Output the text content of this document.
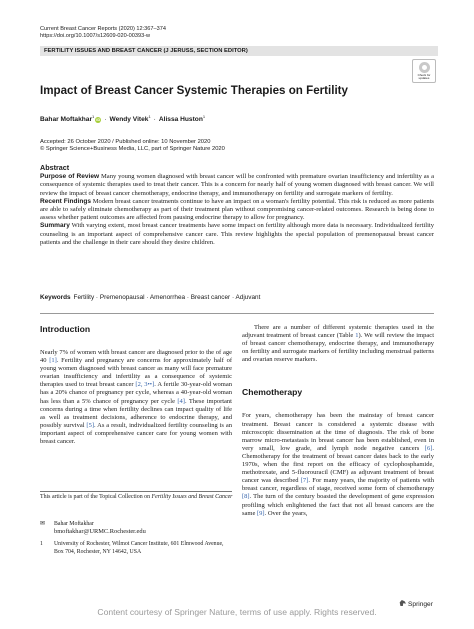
Current Breast Cancer Reports (2020) 12:367–374
https://doi.org/10.1007/s12609-020-00393-w
FERTILITY ISSUES AND BREAST CANCER (J JERUSS, SECTION EDITOR)
Check for
updates
Impact of Breast Cancer Systemic Therapies on Fertility
Bahar Moftakhar$^1$iD · Wendy Vitek$^1$ · Alissa Huston$^1$
Accepted: 26 October 2020 / Published online: 10 November 2020
© Springer Science+Business Media, LLC, part of Springer Nature 2020
Abstract

Purpose of Review Many young women diagnosed with breast cancer will be confronted with premature ovarian insufficiency and infertility as a consequence of systemic therapies used to treat their cancer. This is a concern for nearly half of young women diagnosed with breast cancer. We will review the impact of breast cancer chemotherapy, endocrine therapy, and immunotherapy on fertility and surrogate markers of fertility.

Recent Findings Modern breast cancer treatments continue to have an impact on a woman's fertility potential. This risk is reduced as more patients are able to safely eliminate chemotherapy as part of their treatment plan without compromising cancer-related outcomes. Research is being done to assess whether patient outcomes are affected from pausing endocrine therapy to allow for pregnancy.

Summary With varying extent, most breast cancer treatments have some impact on fertility although more data is necessary. Individualized fertility counseling is an important aspect of comprehensive cancer care. This review highlights the special population of premenopausal breast cancer patients and the challenge in their care should they desire children.

Keywords Fertility · Premenopausal · Amenorrhea · Breast cancer · Adjuvant
Introduction

Nearly 7% of women with breast cancer are diagnosed prior to the of age 40 [1]. Fertility and pregnancy are concerns for approximately half of young women diagnosed with breast cancer as many will face premature ovarian insufficiency and infertility as a consequence of systemic therapies used to treat breast cancer [2, 3••]. A fertile 30-year-old woman has a 20% chance of pregnancy per cycle, whereas a 40-year-old woman has less than a 5% chance of pregnancy per cycle [4]. These important concerns during a time when fertility declines can impact quality of life as well as treatment decisions, adherence to endocrine therapy, and possibly survival [5]. As a result, individualized fertility counseling is an important aspect of comprehensive cancer care for young women with breast cancer.

This article is part of the Topical Collection on Fertility Issues and Breast Cancer
✉	Bahar Moftakhar
bmoftakhar@URMC.Rochester.edu
1	University of Rochester, Wilmot Cancer Institute, 601 Elmwood Avenue, Box 704, Rochester, NY 14642, USA

There are a number of different systemic therapies used in the adjuvant treatment of breast cancer (Table 1). We will review the impact of breast cancer chemotherapy, endocrine therapy, and immunotherapy on fertility and surrogate markers of fertility including menstrual patterns and ovarian reserve markers.

Chemotherapy

For years, chemotherapy has been the mainstay of breast cancer treatment. Breast cancer is considered a systemic disease with microscopic dissemination at the time of diagnosis. The risk of bone marrow micro-metastasis in breast cancer has been established, even in very small, low grade, and lymph node negative cancers [6]. Chemotherapy for the treatment of breast cancer dates back to the early 1970s, when the first report on the efficacy of cyclophosphamide, methotrexate, and 5-fluorouracil (CMF) as adjuvant treatment of breast cancer was described [7]. For many years, the majority of patients with breast cancer, regardless of stage, received some form of chemotherapy [8]. The turn of the century boasted the development of gene expression profiling which enlightened the fact that not all breast cancers are the same [9]. Over the years,

Springer
Content courtesy of Springer Nature, terms of use apply. Rights reserved.
